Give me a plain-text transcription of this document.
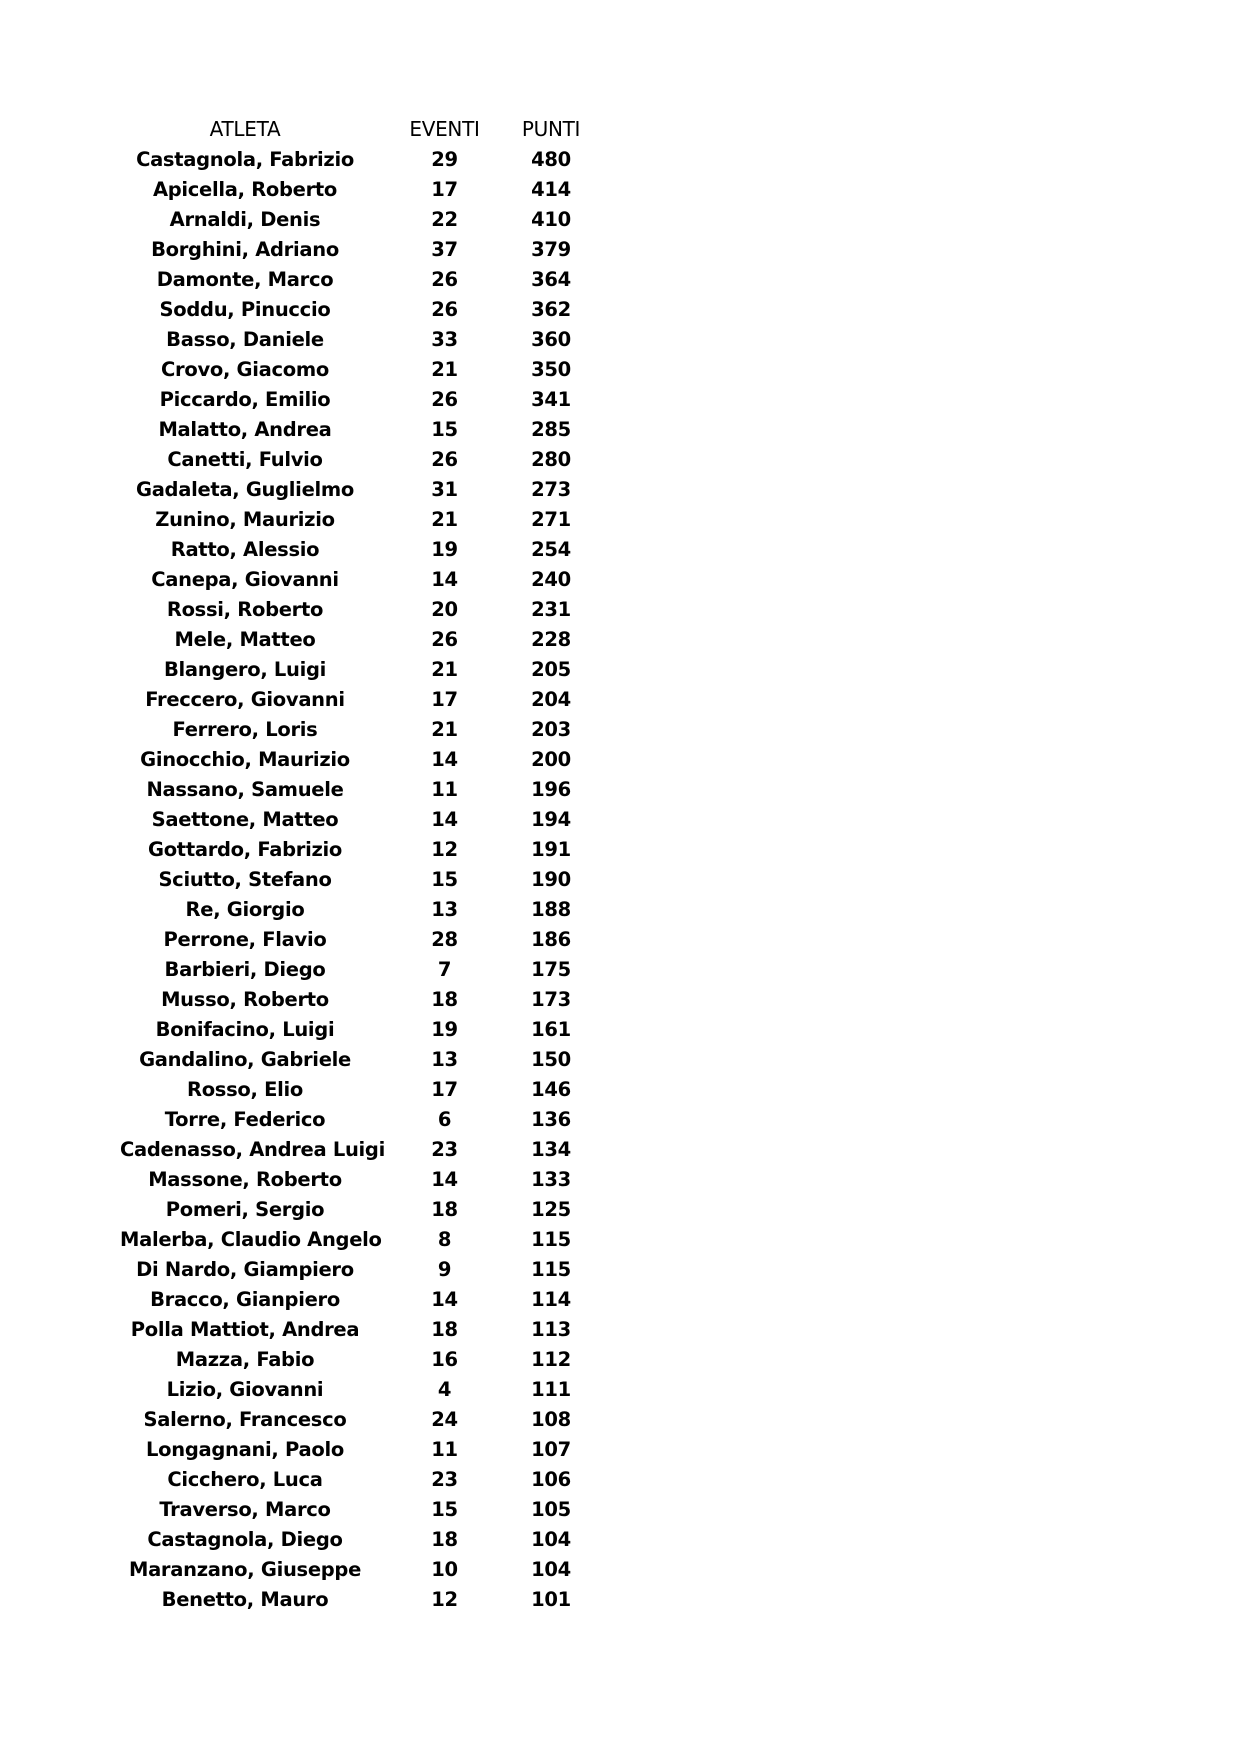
ATLETA	EVENTI	PUNTI
Castagnola, Fabrizio	29	480
Apicella, Roberto	17	414
Arnaldi, Denis	22	410
Borghini, Adriano	37	379
Damonte, Marco	26	364
Soddu, Pinuccio	26	362
Basso, Daniele	33	360
Crovo, Giacomo	21	350
Piccardo, Emilio	26	341
Malatto, Andrea	15	285
Canetti, Fulvio	26	280
Gadaleta, Guglielmo	31	273
Zunino, Maurizio	21	271
Ratto, Alessio	19	254
Canepa, Giovanni	14	240
Rossi, Roberto	20	231
Mele, Matteo	26	228
Blangero, Luigi	21	205
Freccero, Giovanni	17	204
Ferrero, Loris	21	203
Ginocchio, Maurizio	14	200
Nassano, Samuele	11	196
Saettone, Matteo	14	194
Gottardo, Fabrizio	12	191
Sciutto, Stefano	15	190
Re, Giorgio	13	188
Perrone, Flavio	28	186
Barbieri, Diego	7	175
Musso, Roberto	18	173
Bonifacino, Luigi	19	161
Gandalino, Gabriele	13	150
Rosso, Elio	17	146
Torre, Federico	6	136
Cadenasso, Andrea Luigi	23	134
Massone, Roberto	14	133
Pomeri, Sergio	18	125
Malerba, Claudio Angelo	8	115
Di Nardo, Giampiero	9	115
Bracco, Gianpiero	14	114
Polla Mattiot, Andrea	18	113
Mazza, Fabio	16	112
Lizio, Giovanni	4	111
Salerno, Francesco	24	108
Longagnani, Paolo	11	107
Cicchero, Luca	23	106
Traverso, Marco	15	105
Castagnola, Diego	18	104
Maranzano, Giuseppe	10	104
Benetto, Mauro	12	101
